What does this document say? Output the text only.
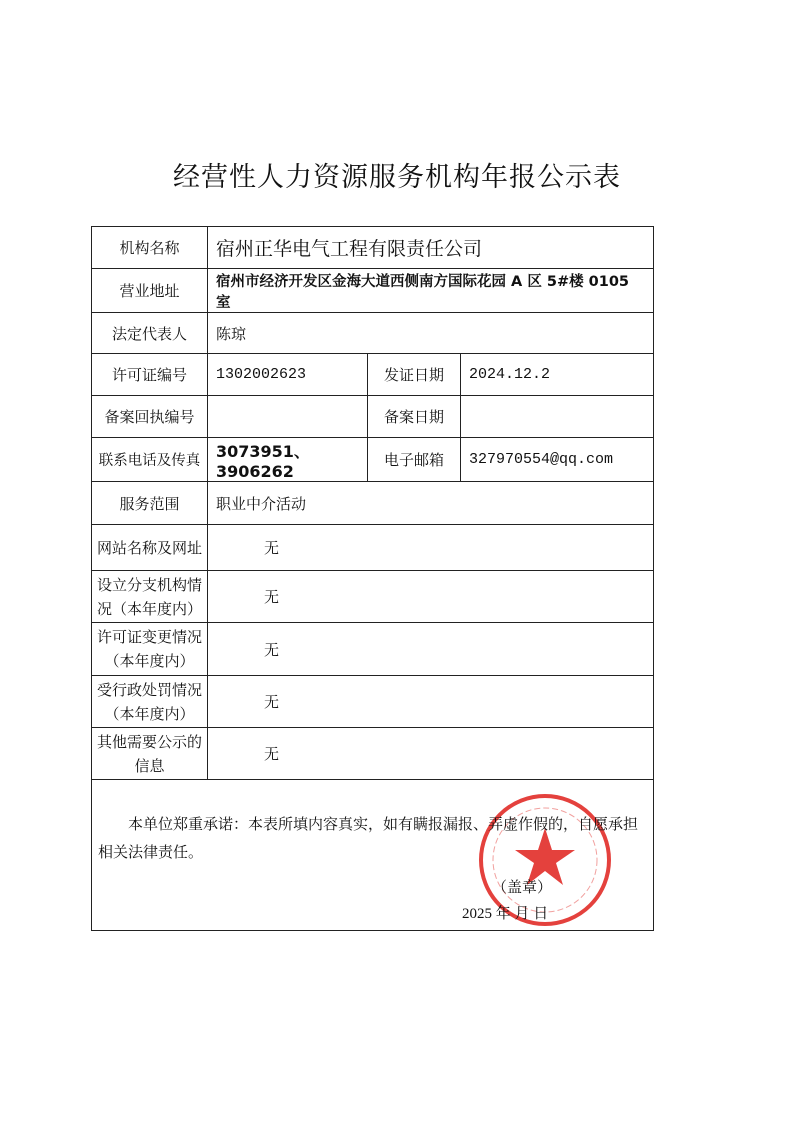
经营性人力资源服务机构年报公示表
机构名称	宿州正华电气工程有限责任公司		
营业地址	宿州市经济开发区金海大道西侧南方国际花园 A 区 5#楼 0105 室		
法定代表人	陈琼		
许可证编号	1302002623	发证日期	2024.12.2
备案回执编号		备案日期	
联系电话及传真	3073951、3906262	电子邮箱	327970554@qq.com
服务范围	职业中介活动		
网站名称及网址	无		
设立分支机构情况（本年度内）	无		
许可证变更情况（本年度内）	无		
受行政处罚情况（本年度内）	无		
其他需要公示的信息	无		

本单位郑重承诺：本表所填内容真实，如有瞒报漏报、弄虚作假的，自愿承担相关法律责任。
（盖章）
2025 年 月 日			
